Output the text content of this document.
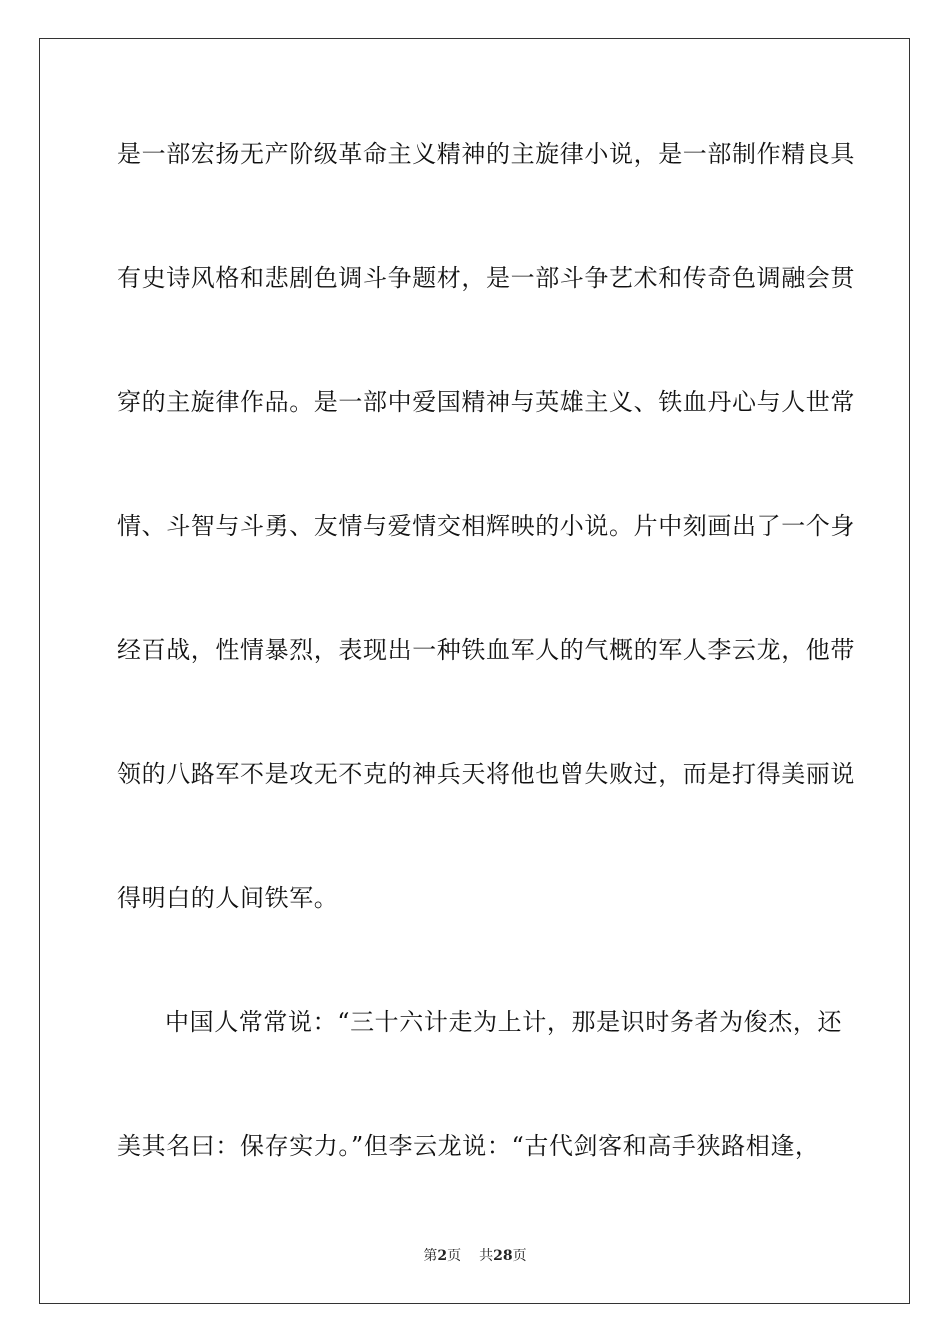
是一部宏扬无产阶级革命主义精神的主旋律小说，是一部制作精良具
有史诗风格和悲剧色调斗争题材，是一部斗争艺术和传奇色调融会贯
穿的主旋律作品。是一部中爱国精神与英雄主义、铁血丹心与人世常
情、斗智与斗勇、友情与爱情交相辉映的小说。片中刻画出了一个身
经百战，性情暴烈，表现出一种铁血军人的气概的军人李云龙，他带
领的八路军不是攻无不克的神兵天将他也曾失败过，而是打得美丽说
得明白的人间铁军。
中国人常常说：“三十六计走为上计，那是识时务者为俊杰，还
美其名曰：保存实力。”但李云龙说：“古代剑客和高手狭路相逢，
第2页 共28页
